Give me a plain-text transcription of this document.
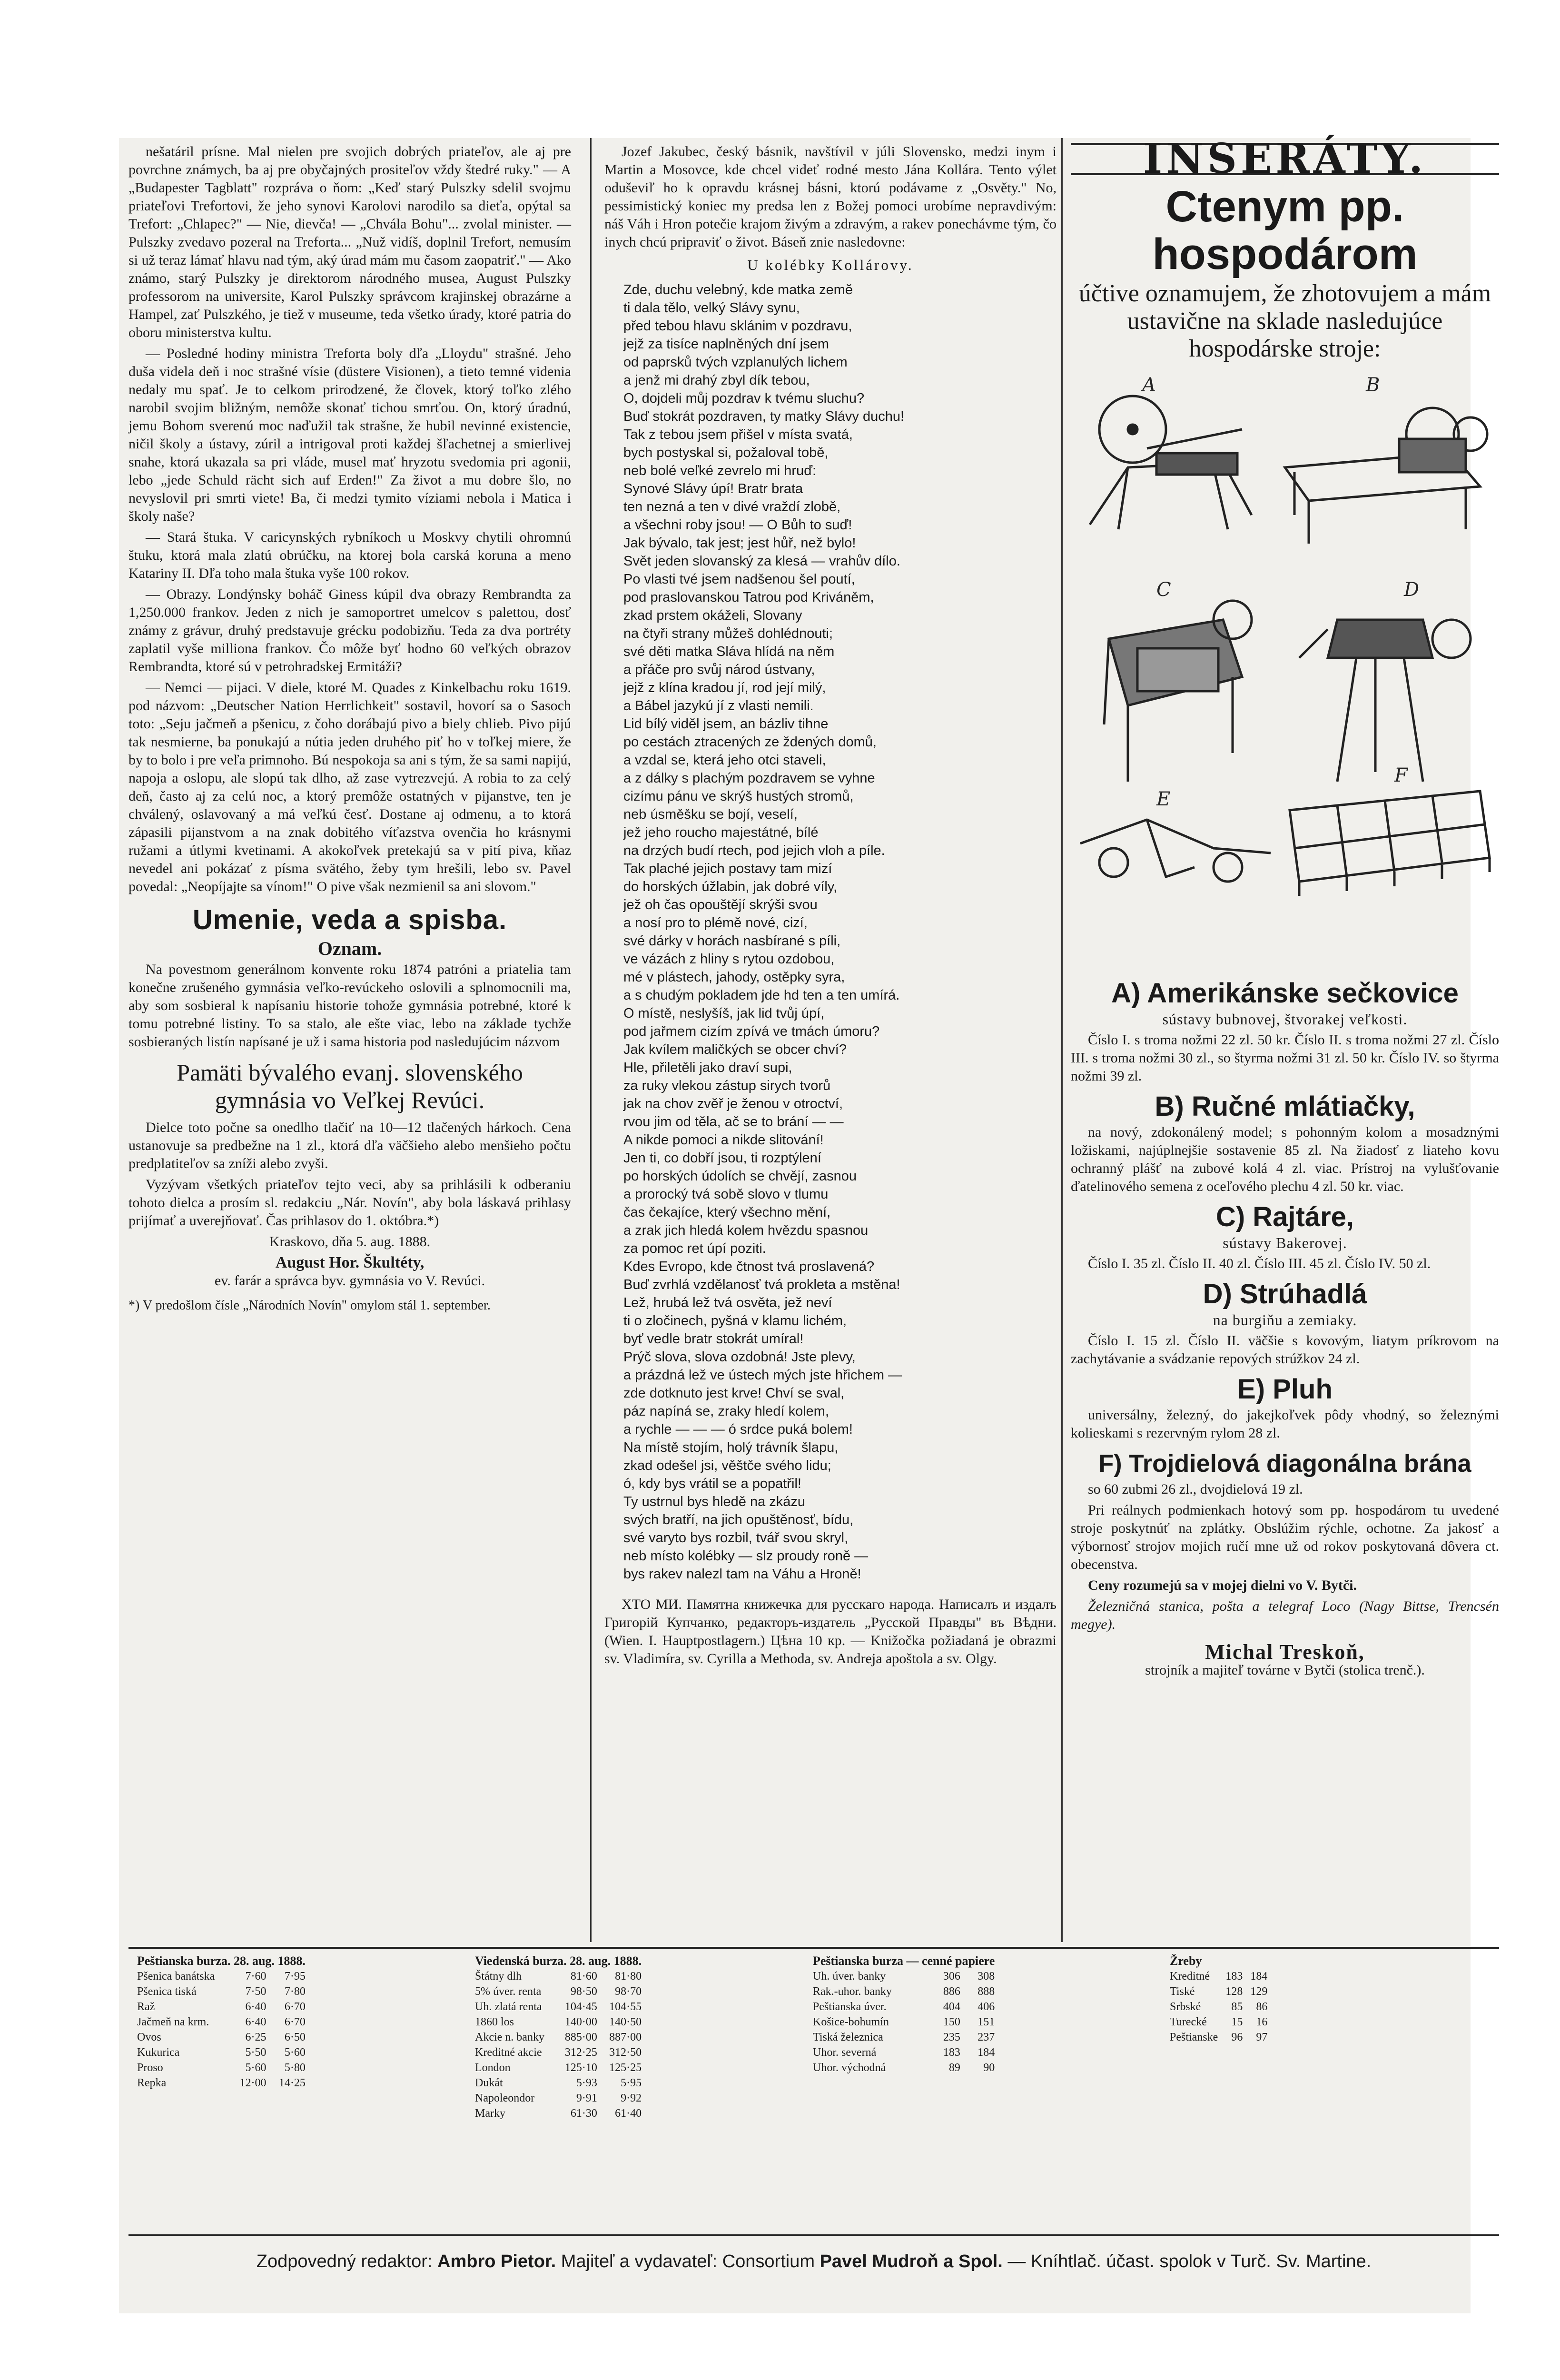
nešatáril prísne. Mal nielen pre svojich dobrých priateľov, ale aj pre povrchne známych, ba aj pre obyčajných prositeľov vždy štedré ruky." — A „Budapester Tagblatt" rozpráva o ňom: „Keď starý Pulszky sdelil svojmu priateľovi Trefortovi, že jeho synovi Karolovi narodilo sa dieťa, opýtal sa Trefort: „Chlapec?" — Nie, dievča! — „Chvála Bohu"... zvolal minister. — Pulszky zvedavo pozeral na Treforta... „Nuž vidíš, doplnil Trefort, nemusím si už teraz lámať hlavu nad tým, aký úrad mám mu časom zaopatriť." — Ako známo, starý Pulszky je direktorom národného musea, August Pulszky professorom na universite, Karol Pulszky správcom krajinskej obrazárne a Hampel, zať Pulszkého, je tiež v museume, teda všetko úrady, ktoré patria do oboru ministerstva kultu.

— Posledné hodiny ministra Treforta boly dľa „Lloydu" strašné. Jeho duša videla deň i noc strašné vísie (düstere Visionen), a tieto temné videnia nedaly mu spať. Je to celkom prirodzené, že človek, ktorý toľko zlého narobil svojim bližným, nemôže skonať tichou smrťou. On, ktorý úradnú, jemu Bohom sverenú moc naďužil tak strašne, že hubil nevinné existencie, ničil školy a ústavy, zúril a intrigoval proti každej šľachetnej a smierlivej snahe, ktorá ukazala sa pri vláde, musel mať hryzotu svedomia pri agonii, lebo „jede Schuld rächt sich auf Erden!" Za život a mu dobre šlo, no nevyslovil pri smrti viete! Ba, či medzi tymito víziami nebola i Matica i školy naše?

— Stará štuka. V caricynských rybníkoch u Moskvy chytili ohromnú štuku, ktorá mala zlatú obrúčku, na ktorej bola carská koruna a meno Katariny II. Dľa toho mala štuka vyše 100 rokov.

— Obrazy. Londýnsky boháč Giness kúpil dva obrazy Rembrandta za 1,250.000 frankov. Jeden z nich je samoportret umelcov s palettou, dosť známy z grávur, druhý predstavuje grécku podobizňu. Teda za dva portréty zaplatil vyše milliona frankov. Čo môže byť hodno 60 veľkých obrazov Rembrandta, ktoré sú v petrohradskej Ermitáži?

— Nemci — pijaci. V diele, ktoré M. Quades z Kinkelbachu roku 1619. pod názvom: „Deutscher Nation Herrlichkeit" sostavil, hovorí sa o Sasoch toto: „Seju jačmeň a pšenicu, z čoho dorábajú pivo a biely chlieb. Pivo pijú tak nesmierne, ba ponukajú a nútia jeden druhého piť ho v toľkej miere, že by to bolo i pre veľa primnoho. Bú nespokoja sa ani s tým, že sa sami napijú, napoja a oslopu, ale slopú tak dlho, až zase vytrezvejú. A robia to za celý deň, často aj za celú noc, a ktorý premôže ostatných v pijanstve, ten je chválený, oslavovaný a má veľkú česť. Dostane aj odmenu, a to ktorá zápasili pijanstvom a na znak dobitého víťazstva ovenčia ho krásnymi ružami a útlymi kvetinami. A akokoľvek pretekajú sa v pití piva, kňaz nevedel ani pokázať z písma svätého, žeby tym hrešili, lebo sv. Pavel povedal: „Neopíjajte sa vínom!" O pive však nezmienil sa ani slovom."

Umenie, veda a spisba.
Oznam.

Na povestnom generálnom konvente roku 1874 patróni a priatelia tam konečne zrušeného gymnásia veľko-revúckeho oslovili a splnomocnili ma, aby som sosbieral k napísaniu historie tohože gymnásia potrebné, ktoré k tomu potrebné listiny. To sa stalo, ale ešte viac, lebo na základe tychže sosbieraných listín napísané je už i sama historia pod nasledujúcim názvom

Pamäti bývalého evanj. slovenského gymnásia vo Veľkej Revúci.

Dielce toto počne sa onedlho tlačiť na 10—12 tlačených hárkoch. Cena ustanovuje sa predbežne na 1 zl., ktorá dľa väčšieho alebo menšieho počtu predplatiteľov sa zníži alebo zvyši.

Vyzývam všetkých priateľov tejto veci, aby sa prihlásili k odberaniu tohoto dielca a prosím sl. redakciu „Nár. Novín", aby bola láskavá prihlasy prijímať a uverejňovať. Čas prihlasov do 1. októbra.*)

Kraskovo, dňa 5. aug. 1888.

August Hor. Škultéty,
ev. farár a správca byv. gymnásia vo V. Revúci.
*) V predošlom čísle „Národních Novín" omylom stál 1. september.

Jozef Jakubec, český básnik, navštívil v júli Slovensko, medzi inym i Martin a Mosovce, kde chcel videť rodné mesto Jána Kollára. Tento výlet oduševiľ ho k opravdu krásnej básni, ktorú podávame z „Osvěty." No, pessimistický koniec my predsa len z Božej pomoci urobíme nepravdivým: náš Váh i Hron potečie krajom živým a zdravým, a rakev ponechávme tým, čo inych chcú pripraviť o život. Báseň znie nasledovne:

U kolébky Kollárovy.
Zde, duchu velebný, kde matka zemĕ
ti dala tělo, velký Slávy synu,
před tebou hlavu sklánim v pozdravu,
jejž za tisíce naplněných dní jsem
od paprsků tvých vzplanulých lichem
a jenž mi drahý zbyl dík tebou,
O, dojdeli můj pozdrav k tvému sluchu?
Buď stokrát pozdraven, ty matky Slávy duchu!
Tak z tebou jsem přišel v místa svatá,
bych postyskal si, požaloval tobě,
neb bolé veľké zevrelo mi hruď:
Synové Slávy úpí! Bratr brata
ten nezná a ten v divé vraždí zlobě,
a všechni roby jsou! — O Bůh to suď!
Jak bývalo, tak jest; jest hůř, než bylo!
Svět jeden slovanský za klesá — vrahův dílo.
Po vlasti tvé jsem nadšenou šel poutí,
pod praslovanskou Tatrou pod Kriváněm,
zkad prstem okáželi, Slovany
na čtyři strany můžeš dohlédnouti;
své děti matka Sláva hlídá na něm
a přáče pro svůj národ ústvany,
jejž z klína kradou jí, rod její milý,
a Bábel jazykú jí z vlasti nemili.
Lid bílý viděl jsem, an bázliv tihne
po cestách ztracených ze ždených domů,
a vzdal se, která jeho otci staveli,
a z dálky s plachým pozdravem se vyhne
cizímu pánu ve skrýš hustých stromů,
neb úsměšku se bojí, veselí,
jež jeho roucho majestátné, bílé
na drzých budí rtech, pod jejich vloh a píle.
Tak plaché jejich postavy tam mizí
do horských úžlabin, jak dobré víly,
jež oh čas opouštějí skrýši svou
a nosí pro to plémě nové, cizí,
své dárky v horách nasbírané s píli,
ve vázách z hliny s rytou ozdobou,
mé v plástech, jahody, ostěpky syra,
a s chudým pokladem jde hd ten a ten umírá.
O místě, neslyšíš, jak lid tvůj úpí,
pod jařmem cizím zpívá ve tmách úmoru?
Jak kvílem maličkých se obcer chví?
Hle, přiletěli jako draví supi,
za ruky vlekou zástup sirych tvorů
jak na chov zvěř je ženou v otroctví,
rvou jim od těla, ač se to brání — —
A nikde pomoci a nikde slitování!
Jen ti, co dobří jsou, ti rozptýlení
po horských údolích se chvějí, zasnou
a prorocký tvá sobě slovo v tlumu
čas čekajíce, který všechno mění,
a zrak jich hledá kolem hvězdu spasnou
za pomoc ret úpí poziti.
Kdes Evropo, kde čtnost tvá proslavená?
Buď zvrhlá vzdělanosť tvá prokleta a mstěna!
Lež, hrubá lež tvá osvěta, jež neví
ti o zločinech, pyšná v klamu lichém,
byť vedle bratr stokrát umíral!
Prýč slova, slova ozdobná! Jste plevy,
a prázdná lež ve ústech mých jste hřichem —
zde dotknuto jest krve! Chví se sval,
páz napíná se, zraky hledí kolem,
a rychle — — — ó srdce puká bolem!
Na místě stojím, holý trávník šlapu,
zkad odešel jsi, věštče svého lidu;
ó, kdy bys vrátil se a popatřil!
Ty ustrnul bys hledě na zkázu
svých bratří, na jich opuštěnosť, bídu,
své varyto bys rozbil, tvář svou skryl,
neb místo kolébky — slz proudy roně —
bys rakev nalezl tam na Váhu a Hroně!

ХТО МИ. Памятна книжечка для русскаго народа. Написалъ и издалъ Григорій Купчанко, редакторъ-издатель „Русской Правды" въ Вѣдни. (Wien. I. Hauptpostlagern.) Цѣна 10 кр. — Knižočka požiadaná je obrazmi sv. Vladimíra, sv. Cyrilla a Methoda, sv. Andreja apoštola a sv. Olgy.

INSERÁTY.
Ctenym pp. hospodárom
účtive oznamujem, že zhotovujem a mám ustavične na sklade nasledujúce hospodárske stroje:
A	B
C	D
E
F
A) Amerikánske sečkovice
sústavy bubnovej, štvorakej veľkosti.

Číslo I. s troma nožmi 22 zl. 50 kr. Číslo II. s troma nožmi 27 zl. Číslo III. s troma nožmi 30 zl., so štyrma nožmi 31 zl. 50 kr. Číslo IV. so štyrma nožmi 39 zl.

B) Ručné mlátiačky,

na nový, zdokonálený model; s pohonným kolom a mosadznými ložiskami, najúplnejšie sostavenie 85 zl. Na žiadosť z liateho kovu ochranný plášť na zubové kolá 4 zl. viac. Prístroj na vylušťovanie ďatelinového semena z oceľového plechu 4 zl. 50 kr. viac.

C) Rajtáre,
sústavy Bakerovej.

Číslo I. 35 zl. Číslo II. 40 zl. Číslo III. 45 zl. Číslo IV. 50 zl.

D) Strúhadlá
na burgiňu a zemiaky.

Číslo I. 15 zl. Číslo II. väčšie s kovovým, liatym príkrovom na zachytávanie a svádzanie repových strúžkov 24 zl.

E) Pluh

universálny, železný, do jakejkoľvek pôdy vhodný, so železnými kolieskami s rezervným rylom 28 zl.

F) Trojdielová diagonálna brána

so 60 zubmi 26 zl., dvojdielová 19 zl.

Pri reálnych podmienkach hotový som pp. hospodárom tu uvedené stroje poskytnúť na zplátky. Obslúžim rýchle, ochotne. Za jakosť a výbornosť strojov mojich ručí mne už od rokov poskytovaná dôvera ct. obecenstva.

Ceny rozumejú sa v mojej dielni vo V. Bytči.

Železničná stanica, pošta a telegraf Loco (Nagy Bittse, Trencsén megye).

Michal Treskoň,
strojník a majiteľ továrne v Bytči (stolica trenč.).
Peštianska burza. 28. aug. 1888.		
Pšenica banátska	7·60	7·95
Pšenica tiská	7·50	7·80
Raž	6·40	6·70
Jačmeň na krm.	6·40	6·70
Ovos	6·25	6·50
Kukurica	5·50	5·60
Proso	5·60	5·80
Repka	12·00	14·25
Viedenská burza. 28. aug. 1888.		
Štátny dlh	81·60	81·80
5% úver. renta	98·50	98·70
Uh. zlatá renta	104·45	104·55
1860 los	140·00	140·50
Akcie n. banky	885·00	887·00
Kreditné akcie	312·25	312·50
London	125·10	125·25
Dukát	5·93	5·95
Napoleondor	9·91	9·92
Marky	61·30	61·40
Peštianska burza — cenné papiere		
Uh. úver. banky	306	308
Rak.-uhor. banky	886	888
Peštianska úver.	404	406
Košice-bohumín	150	151
Tiská železnica	235	237
Uhor. severná	183	184
Uhor. východná	89	90
Žreby		
Kreditné	183	184
Tiské	128	129
Srbské	85	86
Turecké	15	16
Peštianske	96	97
Zodpovedný redaktor: Ambro Pietor. Majiteľ a vydavateľ: Consortium Pavel Mudroň a Spol. — Kníhtlač. účast. spolok v Turč. Sv. Martine.
